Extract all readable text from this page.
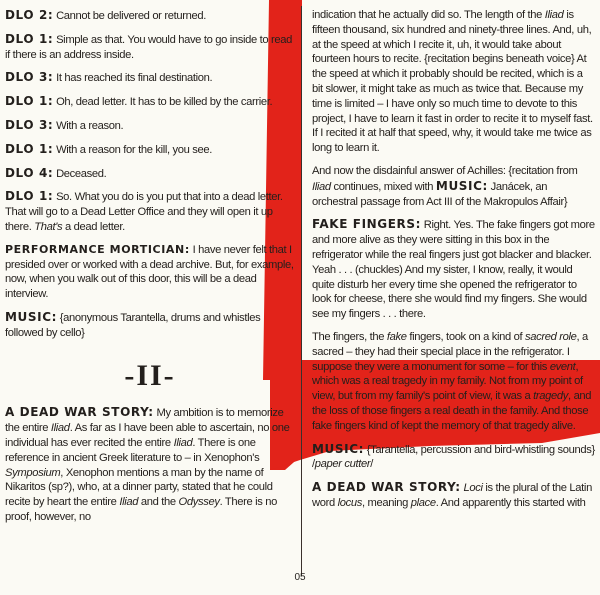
DLO 2: Cannot be delivered or returned.

DLO 1: Simple as that. You would have to go inside to read if there is an address inside.

DLO 3: It has reached its final destination.

DLO 1: Oh, dead letter. It has to be killed by the carrier.

DLO 3: With a reason.

DLO 1: With a reason for the kill, you see.

DLO 4: Deceased.

DLO 1: So. What you do is you put that into a dead letter. That will go to a Dead Letter Office and they will open it up there. That's a dead letter.

PERFORMANCE MORTICIAN: I have never felt that I presided over or worked with a dead archive. But, for example, now, when you walk out of this door, this will be a dead interview.

MUSIC: {anonymous Tarantella, drums and whistles followed by cello}

-II-

A DEAD WAR STORY: My ambition is to memorize the entire Iliad. As far as I have been able to ascertain, no one individual has ever recited the entire Iliad. There is one reference in ancient Greek literature to – in Xenophon's Symposium, Xenophon mentions a man by the name of Nikaritos (sp?), who, at a dinner party, stated that he could recite by heart the entire Iliad and the Odyssey. There is no proof, however, no

indication that he actually did so. The length of the Iliad is fifteen thousand, six hundred and ninety-three lines. And, uh, at the speed at which I recite it, uh, it would take about fourteen hours to recite. {recitation begins beneath voice} At the speed at which it probably should be recited, which is a bit slower, it might take as much as twice that. Because my time is limited – I have only so much time to devote to this project, I have to learn it fast in order to recite it to myself fast. If I recited it at half that speed, why, it would take me twice as long to learn it.

And now the disdainful answer of Achilles: {recitation from Iliad continues, mixed with MUSIC: Janácek, an orchestral passage from Act III of the Makropulos Affair}

FAKE FINGERS: Right. Yes. The fake fingers got more and more alive as they were sitting in this box in the refrigerator while the real fingers just got blacker and blacker. Yeah . . . (chuckles) And my sister, I know, really, it would quite disturb her every time she opened the refrigerator to look for cheese, there she would find my fingers. She would see my fingers . . . there.

The fingers, the fake fingers, took on a kind of sacred role, a sacred – they had their special place in the refrigerator. I suppose they were a monument for some – for this event, which was a real tragedy in my family. Not from my point of view, but from my family's point of view, it was a tragedy, and the loss of those fingers a real death in the family. And those fake fingers kind of kept the memory of that tragedy alive.

MUSIC: {Tarantella, percussion and bird-whistling sounds} /paper cutter/

A DEAD WAR STORY: Loci is the plural of the Latin word locus, meaning place. And apparently this started with

05
